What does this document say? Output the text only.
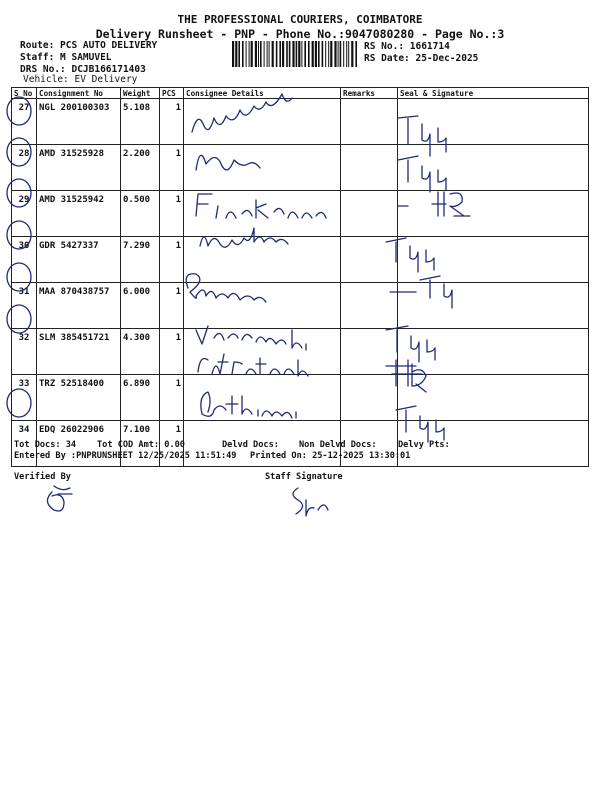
THE PROFESSIONAL COURIERS, COIMBATORE
Delivery Runsheet - PNP - Phone No.:9047080280 - Page No.:3
Route: PCS AUTO DELIVERY
Staff: M SAMUVEL
DRS No.: DCJB166171403
Vehicle: EV Delivery
RS No.: 1661714
RS Date: 25-Dec-2025
S No	Consignment No	Weight	PCS	Consignee Details	Remarks	Seal & Signature
27	NGL 200100303	5.108	1			
28	AMD 31525928	2.200	1			
29	AMD 31525942	0.500	1			
30	GDR 5427337	7.290	1			
31	MAA 870438757	6.000	1			
32	SLM 385451721	4.300	1			
33	TRZ 52518400	6.890	1			
34	EDQ 26022906	7.100	1			
Tot Docs: 34 Tot COD Amt: 0.00	Delvd Docs: Non Delvd Docs: Delvy Pts:
Entered By :PNPRUNSHEET 12/25/2025 11:51:49 Printed On: 25-12-2025 13:30:01
Verified By	Staff Signature
